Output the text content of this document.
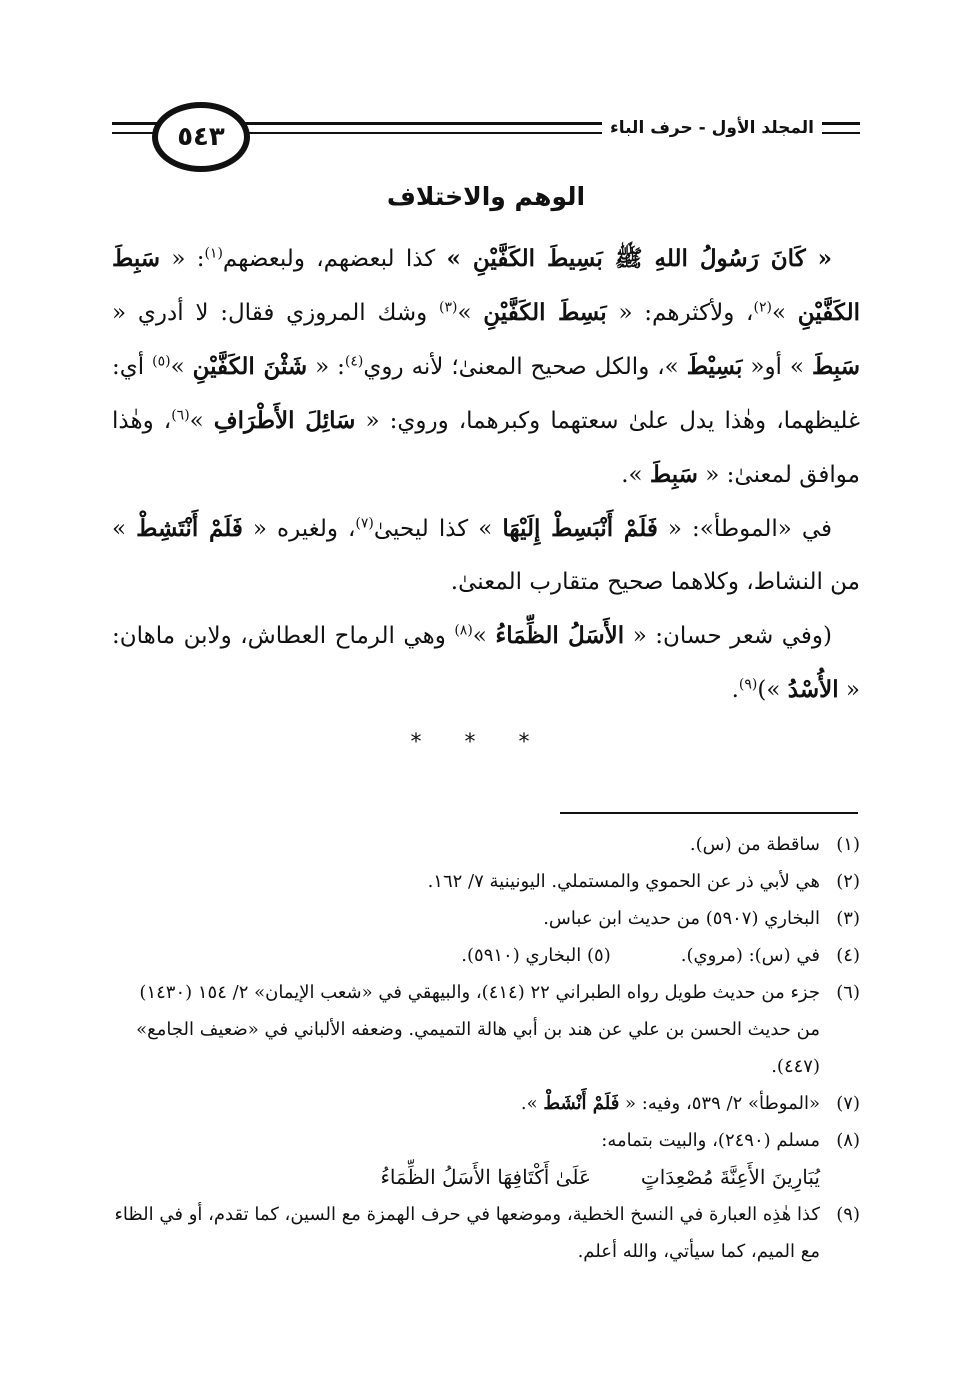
٥٤٣	المجلد الأول - حرف الباء
الوهم والاختلاف

« كَانَ رَسُولُ اللهِ ﷺ بَسِيطَ الكَفَّيْنِ » كذا لبعضهم، ولبعضهم$^{(١)}$: « سَبِطَ الكَفَّيْنِ »$^{(٢)}$، ولأكثرهم: « بَسِطَ الكَفَّيْنِ »$^{(٣)}$ وشك المروزي فقال: لا أدري « سَبِطَ » أو« بَسِيْطَ »، والكل صحيح المعنىٰ؛ لأنه روي$^{(٤)}$: « شَثْنَ الكَفَّيْنِ »$^{(٥)}$ أي: غليظهما، وهٰذا يدل علىٰ سعتهما وكبرهما، وروي: « سَائِلَ الأَطْرَافِ »$^{(٦)}$، وهٰذا موافق لمعنىٰ: « سَبِطَ ».

في «الموطأ»: « فَلَمْ أَنْبَسِطْ إِلَيْهَا » كذا ليحيىٰ$^{(٧)}$، ولغيره « فَلَمْ أَنْتَشِطْ » من النشاط، وكلاهما صحيح متقارب المعنىٰ.

(وفي شعر حسان: « الأَسَلُ الظِّمَاءُ »$^{(٨)}$ وهي الرماح العطاش، ولابن ماهان: « الأُسْدُ »)$^{(٩)}$.

* * *
(١)
ساقطة من (س).
(٢)
هي لأبي ذر عن الحموي والمستملي. اليونينية ٧/ ١٦٢.
(٣)
البخاري (٥٩٠٧) من حديث ابن عباس.
(٤)
في (س): (مروي).
(٥) البخاري (٥٩١٠).
(٦)
جزء من حديث طويل رواه الطبراني ٢٢ (٤١٤)، والبيهقي في «شعب الإيمان» ٢/ ١٥٤ (١٤٣٠) من حديث الحسن بن علي عن هند بن أبي هالة التميمي. وضعفه الألباني في «ضعيف الجامع» (٤٤٧).
(٧)
«الموطأ» ٢/ ٥٣٩، وفيه: « فَلَمْ أَنْشَطْ ».
(٨)
مسلم (٢٤٩٠)، والبيت بتمامه:
يُبَارِينَ الأَعِنَّةَ مُصْعِدَاتٍ
عَلَىٰ أَكْتَافِهَا الأَسَلُ الظِّمَاءُ
(٩)
كذا هٰذِه العبارة في النسخ الخطية، وموضعها في حرف الهمزة مع السين، كما تقدم، أو في الظاء مع الميم، كما سيأتي، والله أعلم.
